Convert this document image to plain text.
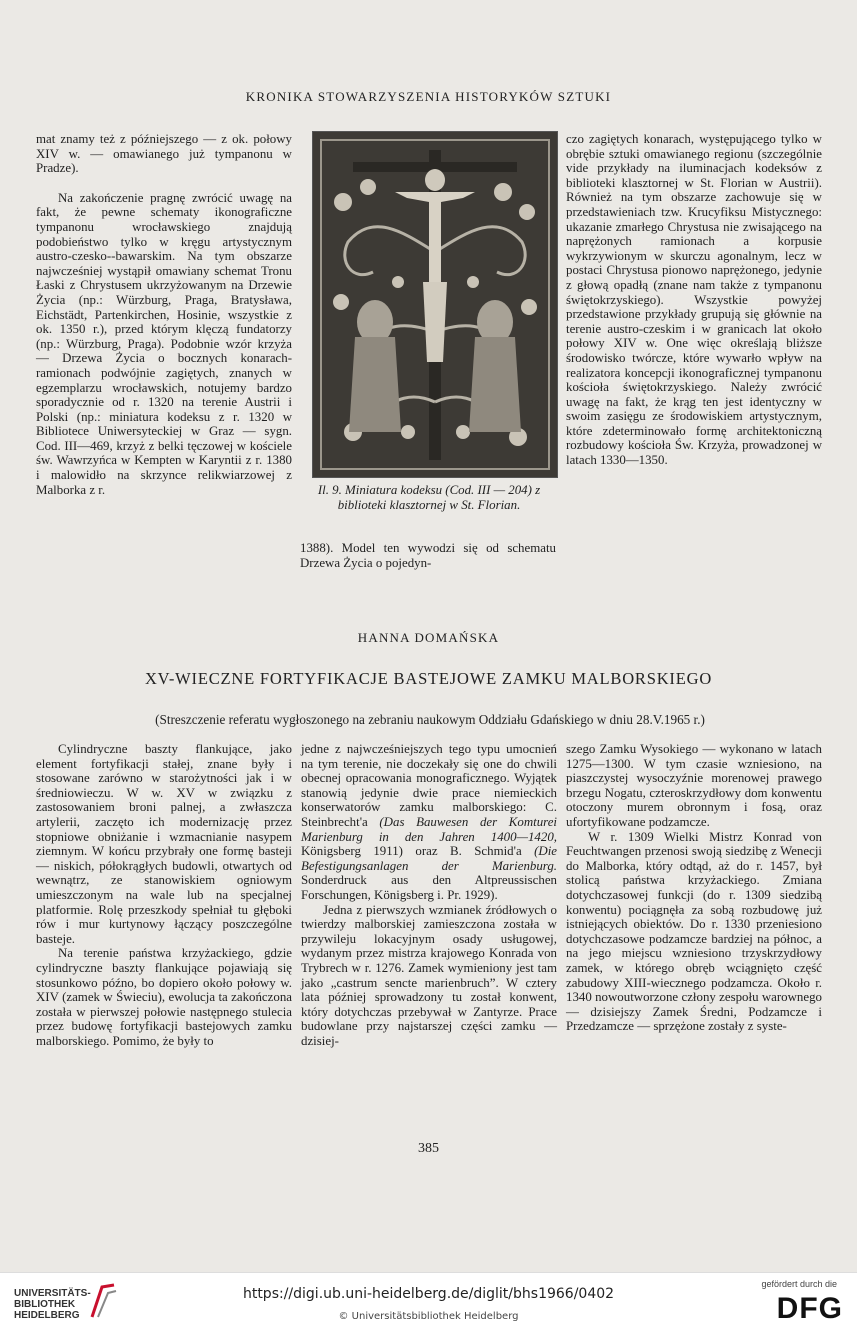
KRONIKA STOWARZYSZENIA HISTORYKÓW SZTUKI

mat znamy też z późniejszego — z ok. połowy XIV w. — omawianego już tympanonu w Pradze).

Na zakończenie pragnę zwrócić uwagę na fakt, że pewne schematy ikonograficzne tympanonu wrocławskiego znajdują podobieństwo tylko w kręgu artystycznym austro-czesko--bawarskim. Na tym obszarze najwcześniej wystąpił omawiany schemat Tronu Łaski z Chrystusem ukrzyżowanym na Drzewie Życia (np.: Würzburg, Praga, Bratysława, Eichstädt, Partenkirchen, Hosinie, wszystkie z ok. 1350 r.), przed którym klęczą fundatorzy (np.: Würzburg, Praga). Podobnie wzór krzyża — Drzewa Życia o bocznych konarach-ramionach podwójnie zagiętych, znanych w egzemplarzu wrocławskich, notujemy bardzo sporadycznie od r. 1320 na terenie Austrii i Polski (np.: miniatura kodeksu z r. 1320 w Bibliotece Uniwersyteckiej w Graz — sygn. Cod. III—469, krzyż z belki tęczowej w kościele św. Wawrzyńca w Kempten w Karyntii z r. 1380 i malowidło na skrzynce relikwiarzowej z Malborka z r.	Il. 9. Miniatura kodeksu (Cod. III — 204) z biblioteki klasztornej w St. Florian.

1388). Model ten wywodzi się od schematu Drzewa Życia o pojedyn-

czo zagiętych konarach, występującego tylko w obrębie sztuki omawianego regionu (szczególnie vide przykłady na iluminacjach kodeksów z biblioteki klasztornej w St. Florian w Austrii). Również na tym obszarze zachowuje się w przedstawieniach tzw. Krucyfiksu Mistycznego: ukazanie zmarłego Chrystusa nie zwisającego na naprężonych ramionach a korpusie wykrzywionym w skurczu agonalnym, lecz w postaci Chrystusa pionowo naprężonego, jedynie z głową opadłą (znane nam także z tympanonu świętokrzyskiego). Wszystkie powyżej przedstawione przykłady grupują się głównie na terenie austro-czeskim i w granicach lat około połowy XIV w. One więc określają bliższe środowisko twórcze, które wywarło wpływ na realizatora koncepcji ikonograficznej tympanonu kościoła świętokrzyskiego. Należy zwrócić uwagę na fakt, że krąg ten jest identyczny w swoim zasięgu ze środowiskiem artystycznym, które zdeterminowało formę architektoniczną rozbudowy kościoła Św. Krzyża, prowadzonej w latach 1330—1350.

HANNA DOMAŃSKA
XV-WIECZNE FORTYFIKACJE BASTEJOWE ZAMKU MALBORSKIEGO
(Streszczenie referatu wygłoszonego na zebraniu naukowym Oddziału Gdańskiego w dniu 28.V.1965 r.)

Cylindryczne baszty flankujące, jako element fortyfikacji stałej, znane były i stosowane zarówno w starożytności jak i w średniowieczu. W w. XV w związku z zastosowaniem broni palnej, a zwłaszcza artylerii, zaczęto ich modernizację przez stopniowe obniżanie i wzmacnianie nasypem ziemnym. W końcu przybrały one formę basteji — niskich, półokrągłych budowli, otwartych od wewnątrz, ze stanowiskiem ogniowym umieszczonym na wale lub na specjalnej platformie. Rolę przeszkody spełniał tu głęboki rów i mur kurtynowy łączący poszczególne basteje.

Na terenie państwa krzyżackiego, gdzie cylindryczne baszty flankujące pojawiają się stosunkowo późno, bo dopiero około połowy w. XIV (zamek w Świeciu), ewolucja ta zakończona została w pierwszej połowie następnego stulecia przez budowę fortyfikacji bastejowych zamku malborskiego. Pomimo, że były to

jedne z najwcześniejszych tego typu umocnień na tym terenie, nie doczekały się one do chwili obecnej opracowania monograficznego. Wyjątek stanowią jedynie dwie prace niemieckich konserwatorów zamku malborskiego: C. Steinbrecht'a (Das Bauwesen der Komturei Marienburg in den Jahren 1400—1420, Königsberg 1911) oraz B. Schmid'a (Die Befestigungsanlagen der Marienburg. Sonderdruck aus den Altpreussischen Forschungen, Königsberg i. Pr. 1929).

Jedna z pierwszych wzmianek źródłowych o twierdzy malborskiej zamieszczona została w przywileju lokacyjnym osady usługowej, wydanym przez mistrza krajowego Konrada von Trybrech w r. 1276. Zamek wymieniony jest tam jako „castrum sencte marienbruch”. W cztery lata później sprowadzony tu został konwent, który dotychczas przebywał w Zantyrze. Prace budowlane przy najstarszej części zamku — dzisiej-

szego Zamku Wysokiego — wykonano w latach 1275—1300. W tym czasie wzniesiono, na piaszczystej wysoczyźnie morenowej prawego brzegu Nogatu, czteroskrzydłowy dom konwentu otoczony murem obronnym i fosą, oraz ufortyfikowane podzamcze.

W r. 1309 Wielki Mistrz Konrad von Feuchtwangen przenosi swoją siedzibę z Wenecji do Malborka, który odtąd, aż do r. 1457, był stolicą państwa krzyżackiego. Zmiana dotychczasowej funkcji (do r. 1309 siedzibą konwentu) pociągnęła za sobą rozbudowę już istniejących obiektów. Do r. 1330 przeniesiono dotychczasowe podzamcze bardziej na północ, a na jego miejscu wzniesiono trzyskrzydłowy zamek, w którego obręb wciągnięto część zabudowy XIII-wiecznego podzamcza. Około r. 1340 nowoutworzone człony zespołu warownego — dzisiejszy Zamek Średni, Podzamcze i Przedzamcze — sprzężone zostały z syste-

385
UNIVERSITÄTS-
BIBLIOTHEK
HEIDELBERG
https://digi.ub.uni-heidelberg.de/diglit/bhs1966/0402
© Universitätsbibliothek Heidelberg
gefördert durch die
DFG
